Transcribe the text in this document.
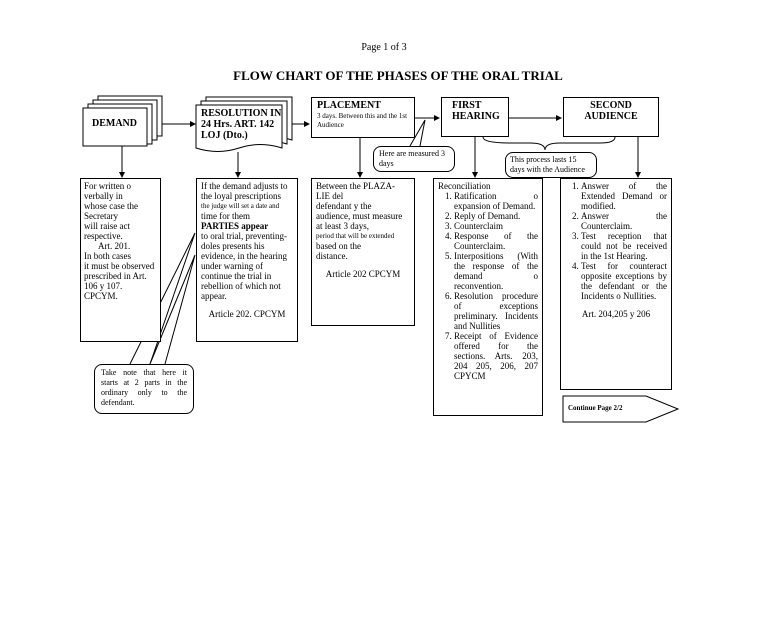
Page 1 of 3
FLOW CHART OF THE PHASES OF THE ORAL TRIAL
DEMAND
For written o
verbally in
whose case the
Secretary
will raise act
respective.
Art. 201.
In both cases
it must be observed
prescribed in Art.
106 y 107.
CPCYM.
RESOLUTION IN
24 Hrs. ART. 142
LOJ (Dto.)
If the demand adjusts to
the loyal prescriptions
the judge will set a date and
time for them
PARTIES appear
to oral trial, preventing-
doles presents his
evidence, in the hearing
under warning of
continue the trial in
rebellion of which not
appear.
Article 202. CPCYM
PLACEMENT
3 days. Between this and the 1st Audience
Between the PLAZA-
LIE del
defendant y the
audience, must measure
at least 3 days,
period that will be extended
based on the
distance.
Article 202 CPCYM
FIRST
HEARING
Reconciliation
1. Ratification o expansion of Demand.
2. Reply of Demand.
3. Counterclaim
4. Response of the Counterclaim.
5. Interpositions (With the response of the demand o reconvention.
6. Resolution procedure of exceptions preliminary. Incidents and Nullities
7. Receipt of Evidence offered for the sections. Arts. 203, 204 205, 206, 207 CPYCM
SECOND
AUDIENCE
1. Answer of the Extended Demand or modified.
2. Answer the Counterclaim.
3. Test reception that could not be received in the 1st Hearing.
4. Test for counteract opposite exceptions by the defendant or the Incidents o Nullities.
Art. 204,205 y 206
Here are measured 3 days	This process lasts 15 days with the Audience
Take note that here it starts at 2 parts in the ordinary only to the defendant.
Continue Page 2/2
